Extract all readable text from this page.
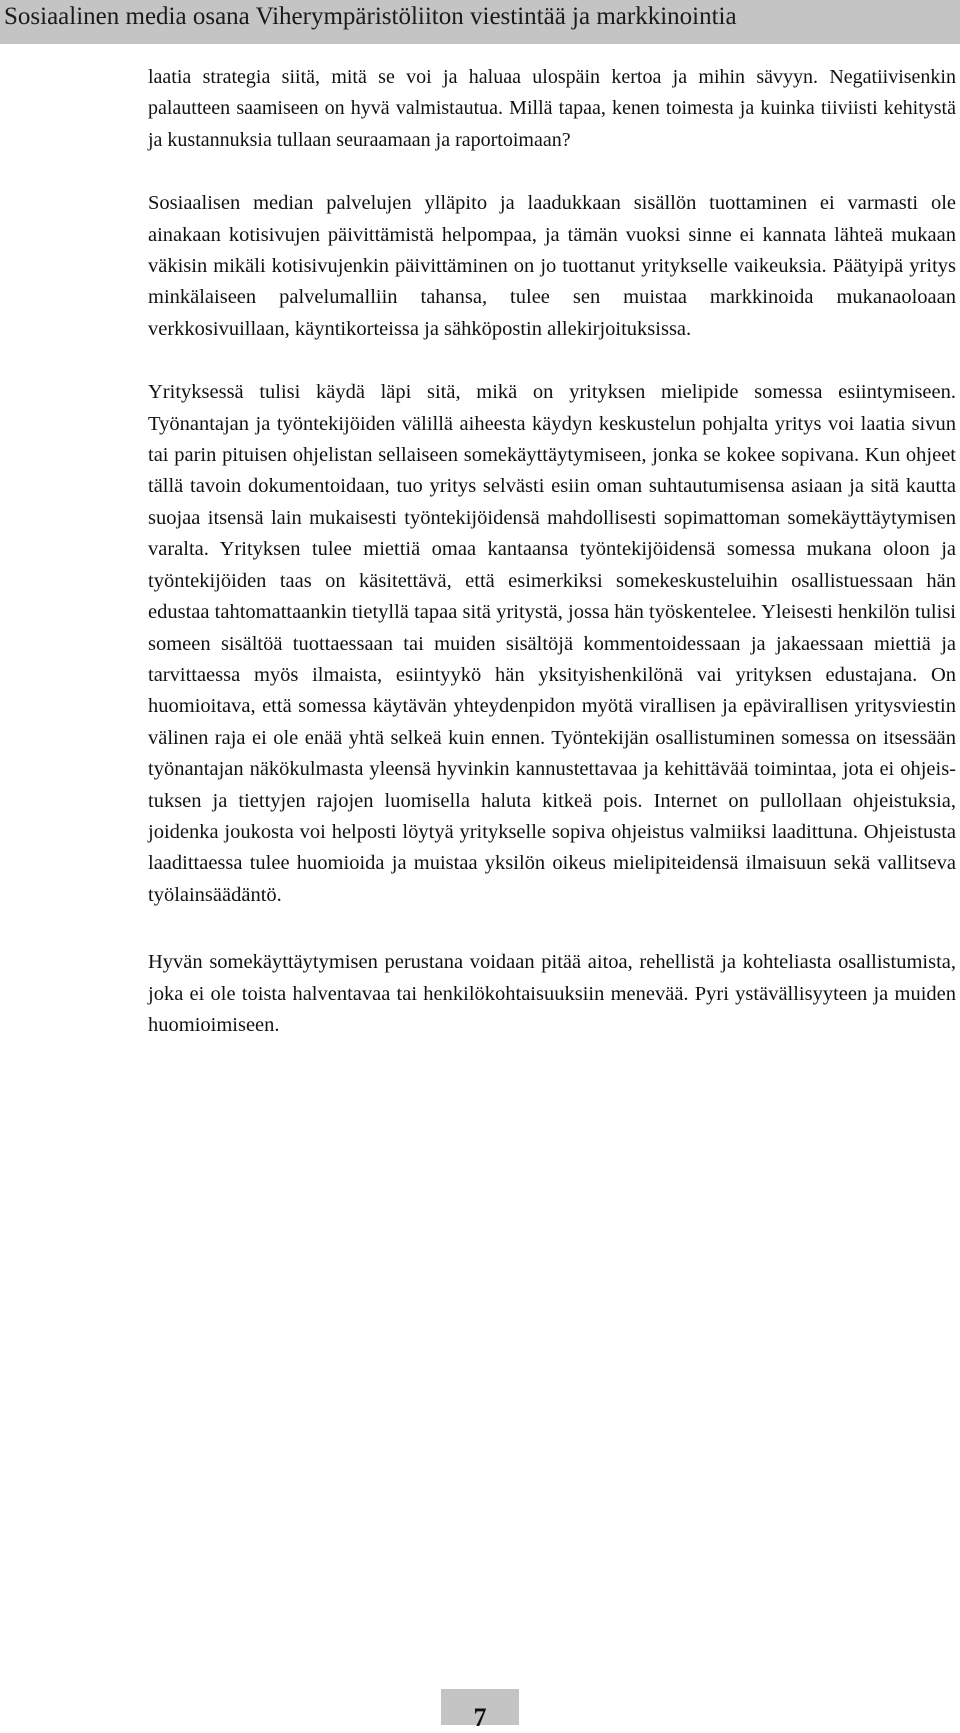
Sosiaalinen media osana Viherympäristöliiton viestintää ja markkinointia

laatia strategia siitä, mitä se voi ja haluaa ulospäin kertoa ja mihin sävyyn. Negatiivisenkin palautteen saamiseen on hyvä valmistautua. Millä tapaa, kenen toimesta ja kuinka tiiviisti kehitystä ja kustannuksia tullaan seuraamaan ja raportoimaan?

Sosiaalisen median palvelujen ylläpito ja laadukkaan sisällön tuottaminen ei varmasti ole ainakaan kotisivujen päivittämistä helpompaa, ja tämän vuoksi sinne ei kannata lähteä mukaan väkisin mikäli kotisivujenkin päivittäminen on jo tuottanut yritykselle vaikeuksia. Päätyipä yritys minkälaiseen palvelumalliin tahansa, tulee sen muistaa markkinoida mukanaoloaan verkkosivuillaan, käyntikorteissa ja sähköpostin allekirjoituksissa.

Yrityksessä tulisi käydä läpi sitä, mikä on yrityksen mielipide somessa esiintymiseen. Työnantajan ja työntekijöiden välillä aiheesta käydyn keskustelun pohjalta yritys voi laatia sivun tai parin pituisen ohjelistan sellaiseen somekäyttäytymiseen, jonka se kokee sopivana. Kun ohjeet tällä tavoin dokumentoidaan, tuo yritys selvästi esiin oman suhtautumisensa asiaan ja sitä kautta suojaa itsensä lain mukaisesti työntekijöidensä mahdollisesti sopimattoman somekäyttäytymisen varalta. Yrityksen tulee miettiä omaa kantaansa työntekijöidensä somessa mukana oloon ja työntekijöiden taas on käsitettävä, että esimerkiksi somekeskusteluihin osallistuessaan hän edustaa tahtomattaankin tietyllä tapaa sitä yritystä, jossa hän työskentelee. Yleisesti henkilön tulisi someen sisältöä tuottaessaan tai muiden sisältöjä kommentoidessaan ja jakaessaan miettiä ja tarvittaessa myös ilmaista, esiintyykö hän yksityishenkilönä vai yrityksen edustajana. On huomioitava, että somessa käytävän yhteydenpidon myötä virallisen ja epävirallisen yritysviestin välinen raja ei ole enää yhtä selkeä kuin ennen. Työntekijän osallistuminen somessa on itsessään työnantajan näkökulmasta yleensä hyvinkin kannustettavaa ja kehittävää toimintaa, jota ei ohjeistuksen ja tiettyjen rajojen luomisella haluta kitkeä pois. Internet on pullollaan ohjeistuksia, joidenka joukosta voi helposti löytyä yritykselle sopiva ohjeistus valmiiksi laadittuna. Ohjeistusta laadittaessa tulee huomioida ja muistaa yksilön oikeus mielipiteidensä ilmaisuun sekä vallitseva työlainsäädäntö.

Hyvän somekäyttäytymisen perustana voidaan pitää aitoa, rehellistä ja kohteliasta osallistumista, joka ei ole toista halventavaa tai henkilökohtaisuuksiin menevää. Pyri ystävällisyyteen ja muiden huomioimiseen.

7
